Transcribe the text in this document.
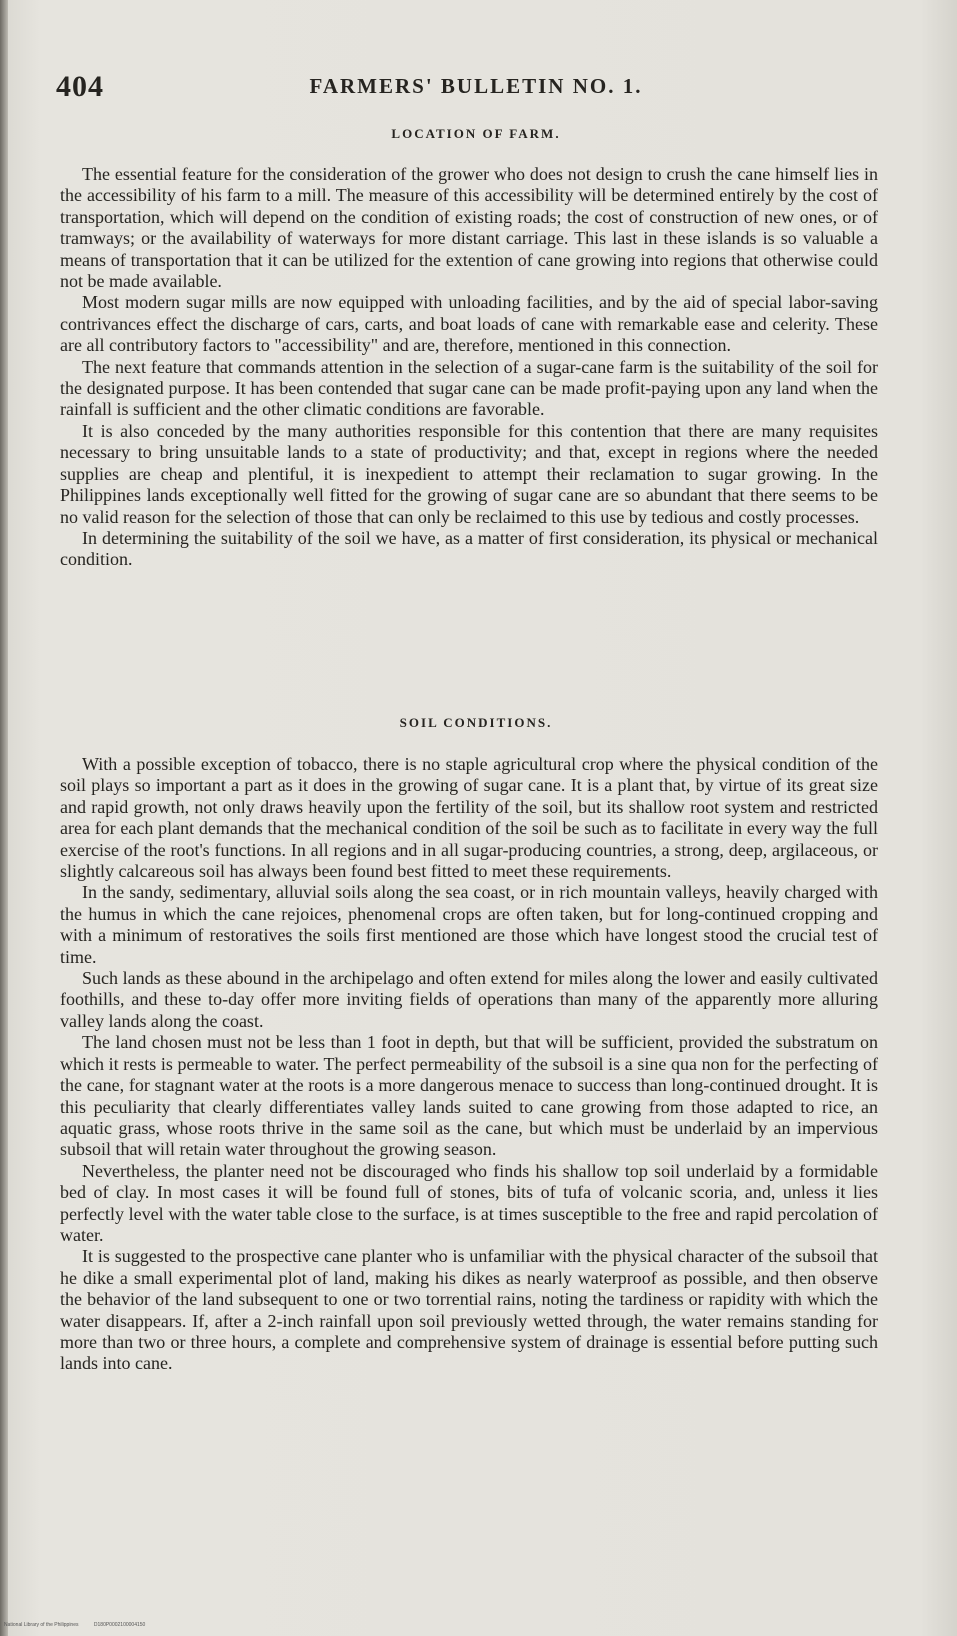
404	FARMERS' BULLETIN NO. 1.
LOCATION OF FARM.

The essential feature for the consideration of the grower who does not design to crush the cane himself lies in the accessibility of his farm to a mill. The measure of this accessibility will be determined entirely by the cost of transportation, which will depend on the condition of existing roads; the cost of construction of new ones, or of tramways; or the availability of waterways for more distant carriage. This last in these islands is so valuable a means of transportation that it can be utilized for the extention of cane growing into regions that otherwise could not be made available.

Most modern sugar mills are now equipped with unloading facilities, and by the aid of special labor-saving contrivances effect the discharge of cars, carts, and boat loads of cane with remarkable ease and celerity. These are all contributory factors to "accessibility" and are, therefore, mentioned in this connection.

The next feature that commands attention in the selection of a sugar-cane farm is the suitability of the soil for the designated purpose. It has been contended that sugar cane can be made profit-paying upon any land when the rainfall is sufficient and the other climatic conditions are favorable.

It is also conceded by the many authorities responsible for this contention that there are many requisites necessary to bring unsuitable lands to a state of productivity; and that, except in regions where the needed supplies are cheap and plentiful, it is inexpedient to attempt their reclamation to sugar growing. In the Philippines lands exceptionally well fitted for the growing of sugar cane are so abundant that there seems to be no valid reason for the selection of those that can only be reclaimed to this use by tedious and costly processes.

In determining the suitability of the soil we have, as a matter of first consideration, its physical or mechanical condition.

SOIL CONDITIONS.

With a possible exception of tobacco, there is no staple agricultural crop where the physical condition of the soil plays so important a part as it does in the growing of sugar cane. It is a plant that, by virtue of its great size and rapid growth, not only draws heavily upon the fertility of the soil, but its shallow root system and restricted area for each plant demands that the mechanical condition of the soil be such as to facilitate in every way the full exercise of the root's functions. In all regions and in all sugar-producing countries, a strong, deep, argilaceous, or slightly calcareous soil has always been found best fitted to meet these requirements.

In the sandy, sedimentary, alluvial soils along the sea coast, or in rich mountain valleys, heavily charged with the humus in which the cane rejoices, phenomenal crops are often taken, but for long-continued cropping and with a minimum of restoratives the soils first mentioned are those which have longest stood the crucial test of time.

Such lands as these abound in the archipelago and often extend for miles along the lower and easily cultivated foothills, and these to-day offer more inviting fields of operations than many of the apparently more alluring valley lands along the coast.

The land chosen must not be less than 1 foot in depth, but that will be sufficient, provided the substratum on which it rests is permeable to water. The perfect permeability of the subsoil is a sine qua non for the perfecting of the cane, for stagnant water at the roots is a more dangerous menace to success than long-continued drought. It is this peculiarity that clearly differentiates valley lands suited to cane growing from those adapted to rice, an aquatic grass, whose roots thrive in the same soil as the cane, but which must be underlaid by an impervious subsoil that will retain water throughout the growing season.

Nevertheless, the planter need not be discouraged who finds his shallow top soil underlaid by a formidable bed of clay. In most cases it will be found full of stones, bits of tufa of volcanic scoria, and, unless it lies perfectly level with the water table close to the surface, is at times susceptible to the free and rapid percolation of water.

It is suggested to the prospective cane planter who is unfamiliar with the physical character of the subsoil that he dike a small experimental plot of land, making his dikes as nearly waterproof as possible, and then observe the behavior of the land subsequent to one or two torrential rains, noting the tardiness or rapidity with which the water disappears. If, after a 2-inch rainfall upon soil previously wetted through, the water remains standing for more than two or three hours, a complete and comprehensive system of drainage is essential before putting such lands into cane.

National Library of the Philippines	D180P0002100004150
